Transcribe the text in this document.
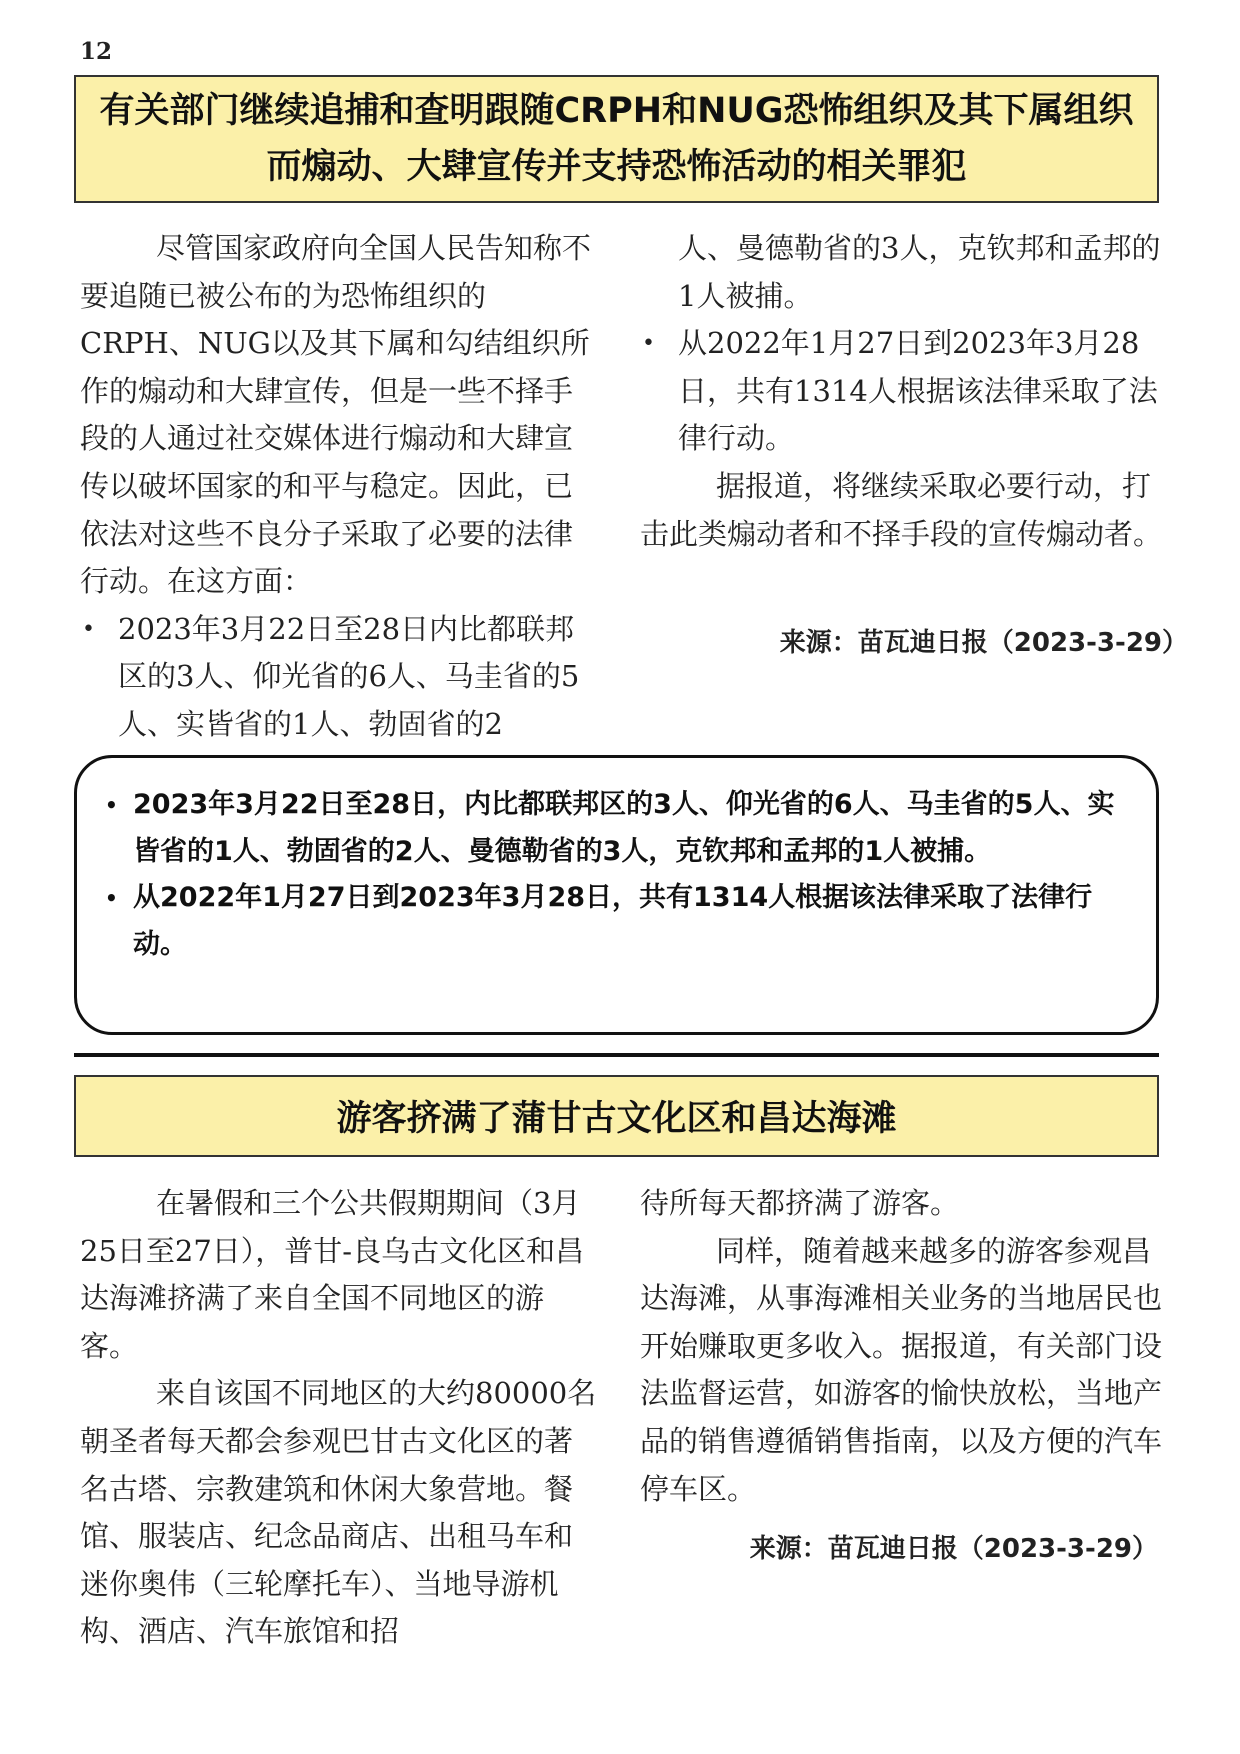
12
有关部门继续追捕和查明跟随CRPH和NUG恐怖组织及其下属组织而煽动、大肆宣传并支持恐怖活动的相关罪犯

尽管国家政府向全国人民告知称不要追随已被公布的为恐怖组织的CRPH、NUG以及其下属和勾结组织所作的煽动和大肆宣传，但是一些不择手段的人通过社交媒体进行煽动和大肆宣传以破坏国家的和平与稳定。因此，已依法对这些不良分子采取了必要的法律行动。在这方面：

• 2023年3月22日至28日内比都联邦区的3人、仰光省的6人、马圭省的5人、实皆省的1人、勃固省的2
人、曼德勒省的3人，克钦邦和孟邦的1人被捕。
• 从2022年1月27日到2023年3月28日，共有1314人根据该法律采取了法律行动。

据报道，将继续采取必要行动，打击此类煽动者和不择手段的宣传煽动者。

来源：苗瓦迪日报（2023-3-29）
• 2023年3月22日至28日，内比都联邦区的3人、仰光省的6人、马圭省的5人、实皆省的1人、勃固省的2人、曼德勒省的3人，克钦邦和孟邦的1人被捕。
• 从2022年1月27日到2023年3月28日，共有1314人根据该法律采取了法律行动。
游客挤满了蒲甘古文化区和昌达海滩

在暑假和三个公共假期期间（3月25日至27日），普甘-良乌古文化区和昌达海滩挤满了来自全国不同地区的游客。

来自该国不同地区的大约80000名朝圣者每天都会参观巴甘古文化区的著名古塔、宗教建筑和休闲大象营地。餐馆、服装店、纪念品商店、出租马车和迷你奥伟（三轮摩托车）、当地导游机构、酒店、汽车旅馆和招

待所每天都挤满了游客。

同样，随着越来越多的游客参观昌达海滩，从事海滩相关业务的当地居民也开始赚取更多收入。据报道，有关部门设法监督运营，如游客的愉快放松，当地产品的销售遵循销售指南，以及方便的汽车停车区。

来源：苗瓦迪日报（2023-3-29）
